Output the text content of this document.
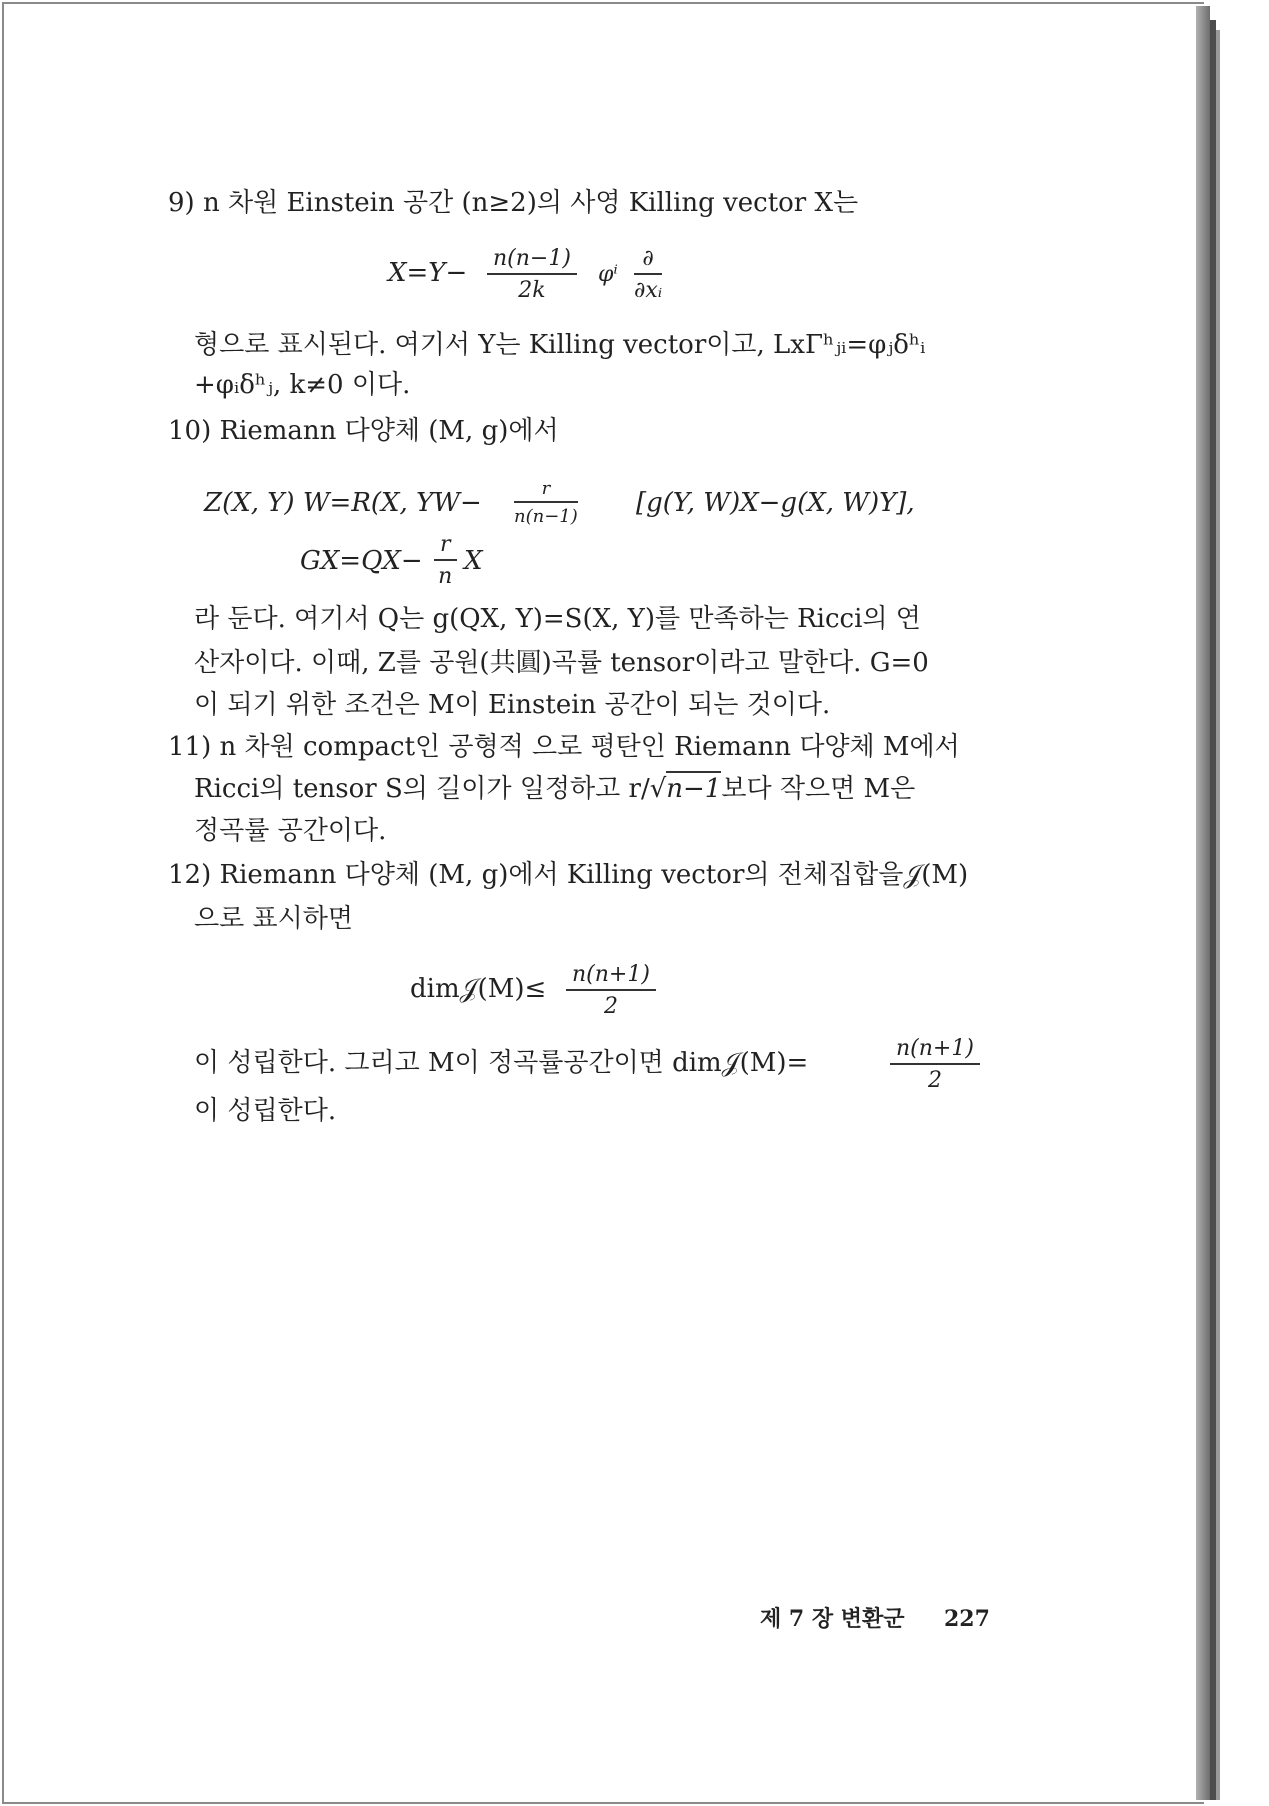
9) n 차원 Einstein 공간 (n≥2)의 사영 Killing vector X는
$X=Y- \frac{n(n-1)}{2k}$ φⁱ
∂
∂xᵢ
형으로 표시된다. 여기서 Y는 Killing vector이고, LxΓʰⱼᵢ=φⱼδʰᵢ
+φᵢδʰⱼ, k≠0 이다.
10) Riemann 다양체 (M, g)에서
Z(X, Y) W=R(X, $YW- \frac{r}{n(n-1)} [g(Y$, W)X−g(X, W)Y],
$GX=QX- \frac{r}{n}$ X
라 둔다. 여기서 Q는 g(QX, Y)=S(X, Y)를 만족하는 Ricci의 연
산자이다. 이때, Z를 공원(共圓)곡률 tensor이라고 말한다. G=0
이 되기 위한 조건은 M이 Einstein 공간이 되는 것이다.
11) n 차원 compact인 공형적 으로 평탄인 Riemann 다양체 M에서
Ricci의 tensor S의 길이가 일정하고 r/√n−1보다 작으면 M은
정곡률 공간이다.
12) Riemann 다양체 (M, g)에서 Killing vector의 전체집합을𝒥(M)
으로 표시하면
dim𝒥(M)≤ $\frac{n(n+1)}{2}$
이 성립한다. 그리고 M이 정곡률공간이면 dim𝒥(M)=	$\frac{n(n+1)}{2}$
이 성립한다.
제 7 장 변환군 227
